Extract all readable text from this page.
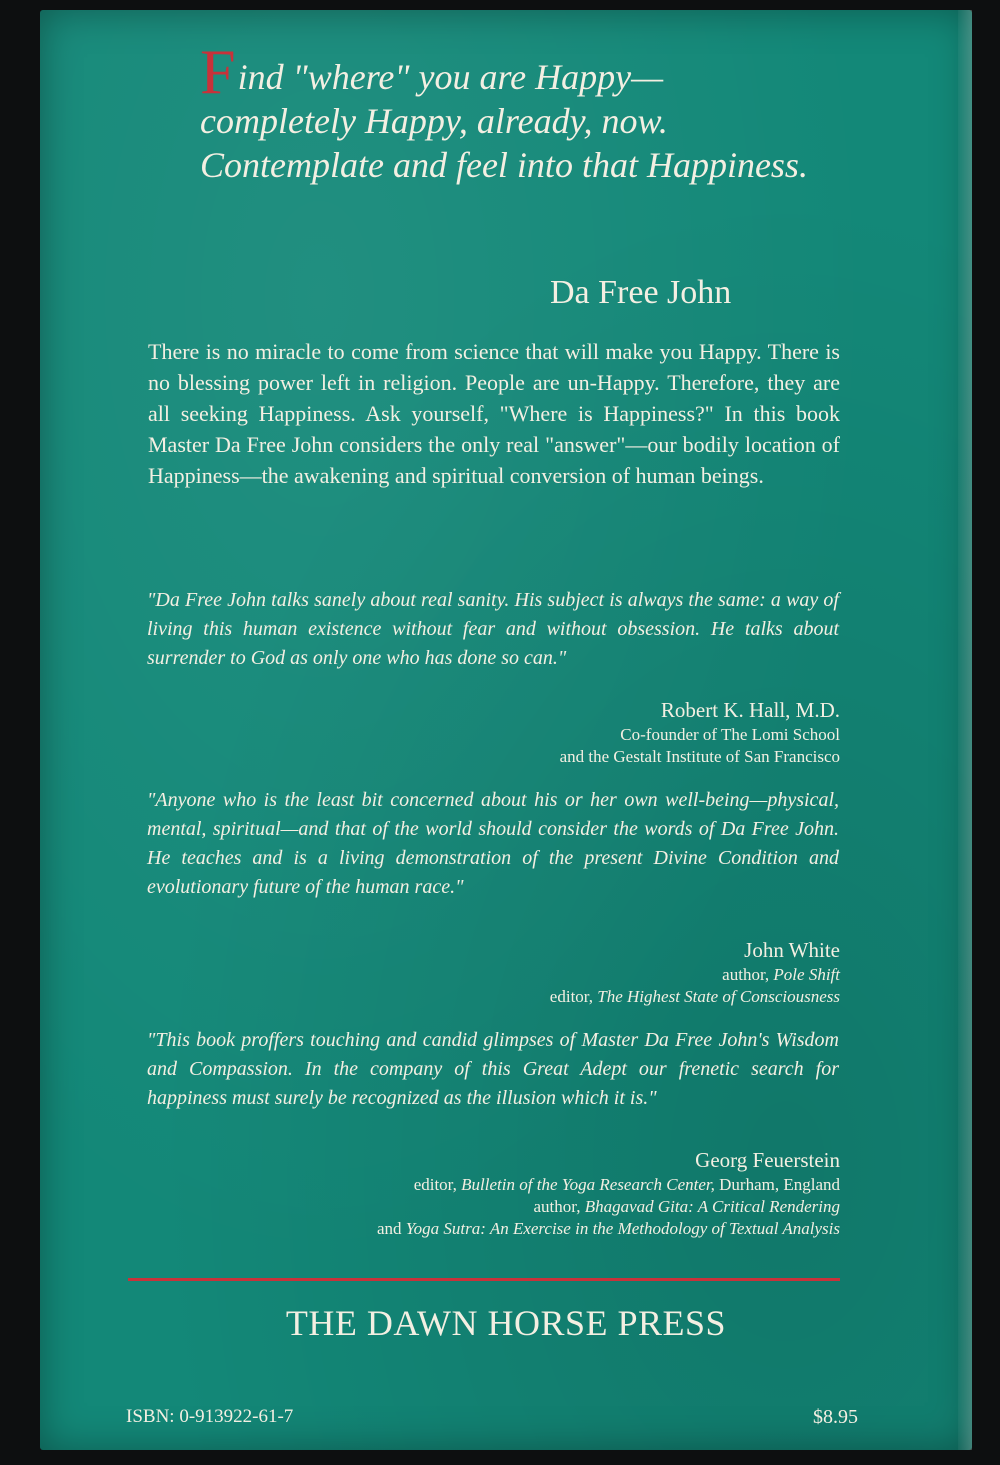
Find "where" you are Happy— completely Happy, already, now. Contemplate and feel into that Happiness.
Da Free John
There is no miracle to come from science that will make you Happy. There is no blessing power left in religion. People are un-Happy. Therefore, they are all seeking Happiness. Ask yourself, "Where is Happiness?" In this book Master Da Free John considers the only real "answer"—our bodily location of Happiness—the awakening and spiritual conversion of human beings.
"Da Free John talks sanely about real sanity. His subject is always the same: a way of living this human existence without fear and without obsession. He talks about surrender to God as only one who has done so can."
Robert K. Hall, M.D.
Co-founder of The Lomi School
and the Gestalt Institute of San Francisco
"Anyone who is the least bit concerned about his or her own well-being—physical, mental, spiritual—and that of the world should consider the words of Da Free John. He teaches and is a living demonstration of the present Divine Condition and evolutionary future of the human race."
John White
author, Pole Shift
editor, The Highest State of Consciousness
"This book proffers touching and candid glimpses of Master Da Free John's Wisdom and Compassion. In the company of this Great Adept our frenetic search for happiness must surely be recognized as the illusion which it is."
Georg Feuerstein
editor, Bulletin of the Yoga Research Center, Durham, England
author, Bhagavad Gita: A Critical Rendering
and Yoga Sutra: An Exercise in the Methodology of Textual Analysis
THE DAWN HORSE PRESS
ISBN: 0-913922-61-7	$8.95
